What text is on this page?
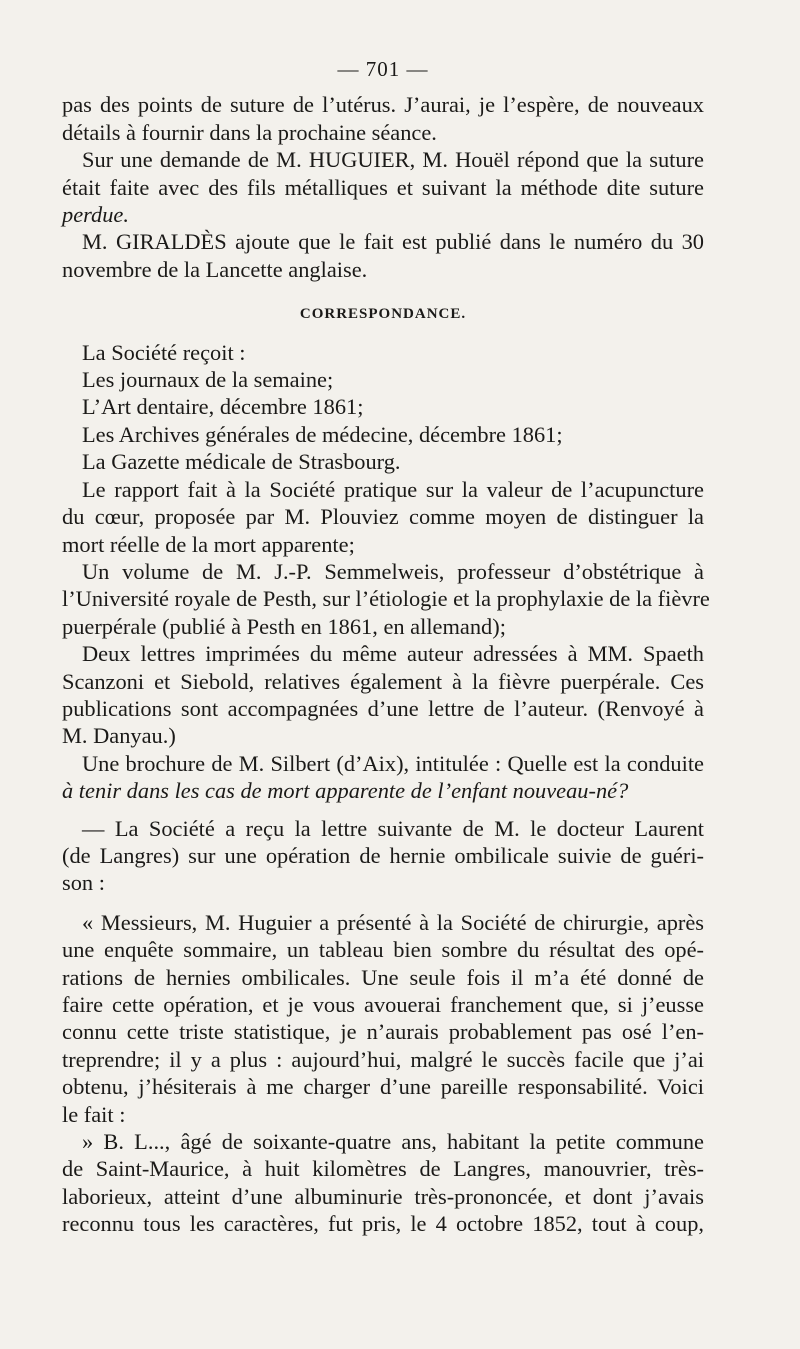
— 701 —
pas des points de suture de l’utérus. J’aurai, je l’espère, de nouveaux
détails à fournir dans la prochaine séance.
Sur une demande de M. HUGUIER, M. Houël répond que la suture
était faite avec des fils métalliques et suivant la méthode dite suture
perdue.
M. GIRALDÈS ajoute que le fait est publié dans le numéro du 30
novembre de la Lancette anglaise.
CORRESPONDANCE.
La Société reçoit :
Les journaux de la semaine;
L’Art dentaire, décembre 1861;
Les Archives générales de médecine, décembre 1861;
La Gazette médicale de Strasbourg.
Le rapport fait à la Société pratique sur la valeur de l’acupuncture
du cœur, proposée par M. Plouviez comme moyen de distinguer la
mort réelle de la mort apparente;
Un volume de M. J.-P. Semmelweis, professeur d’obstétrique à
l’Université royale de Pesth, sur l’étiologie et la prophylaxie de la fièvre
puerpérale (publié à Pesth en 1861, en allemand);
Deux lettres imprimées du même auteur adressées à MM. Spaeth
Scanzoni et Siebold, relatives également à la fièvre puerpérale. Ces
publications sont accompagnées d’une lettre de l’auteur. (Renvoyé à
M. Danyau.)
Une brochure de M. Silbert (d’Aix), intitulée : Quelle est la conduite
à tenir dans les cas de mort apparente de l’enfant nouveau-né?
— La Société a reçu la lettre suivante de M. le docteur Laurent
(de Langres) sur une opération de hernie ombilicale suivie de guéri-
son :
« Messieurs, M. Huguier a présenté à la Société de chirurgie, après
une enquête sommaire, un tableau bien sombre du résultat des opé-
rations de hernies ombilicales. Une seule fois il m’a été donné de
faire cette opération, et je vous avouerai franchement que, si j’eusse
connu cette triste statistique, je n’aurais probablement pas osé l’en-
treprendre; il y a plus : aujourd’hui, malgré le succès facile que j’ai
obtenu, j’hésiterais à me charger d’une pareille responsabilité. Voici
le fait :
» B. L..., âgé de soixante-quatre ans, habitant la petite commune
de Saint-Maurice, à huit kilomètres de Langres, manouvrier, très-
laborieux, atteint d’une albuminurie très-prononcée, et dont j’avais
reconnu tous les caractères, fut pris, le 4 octobre 1852, tout à coup,
